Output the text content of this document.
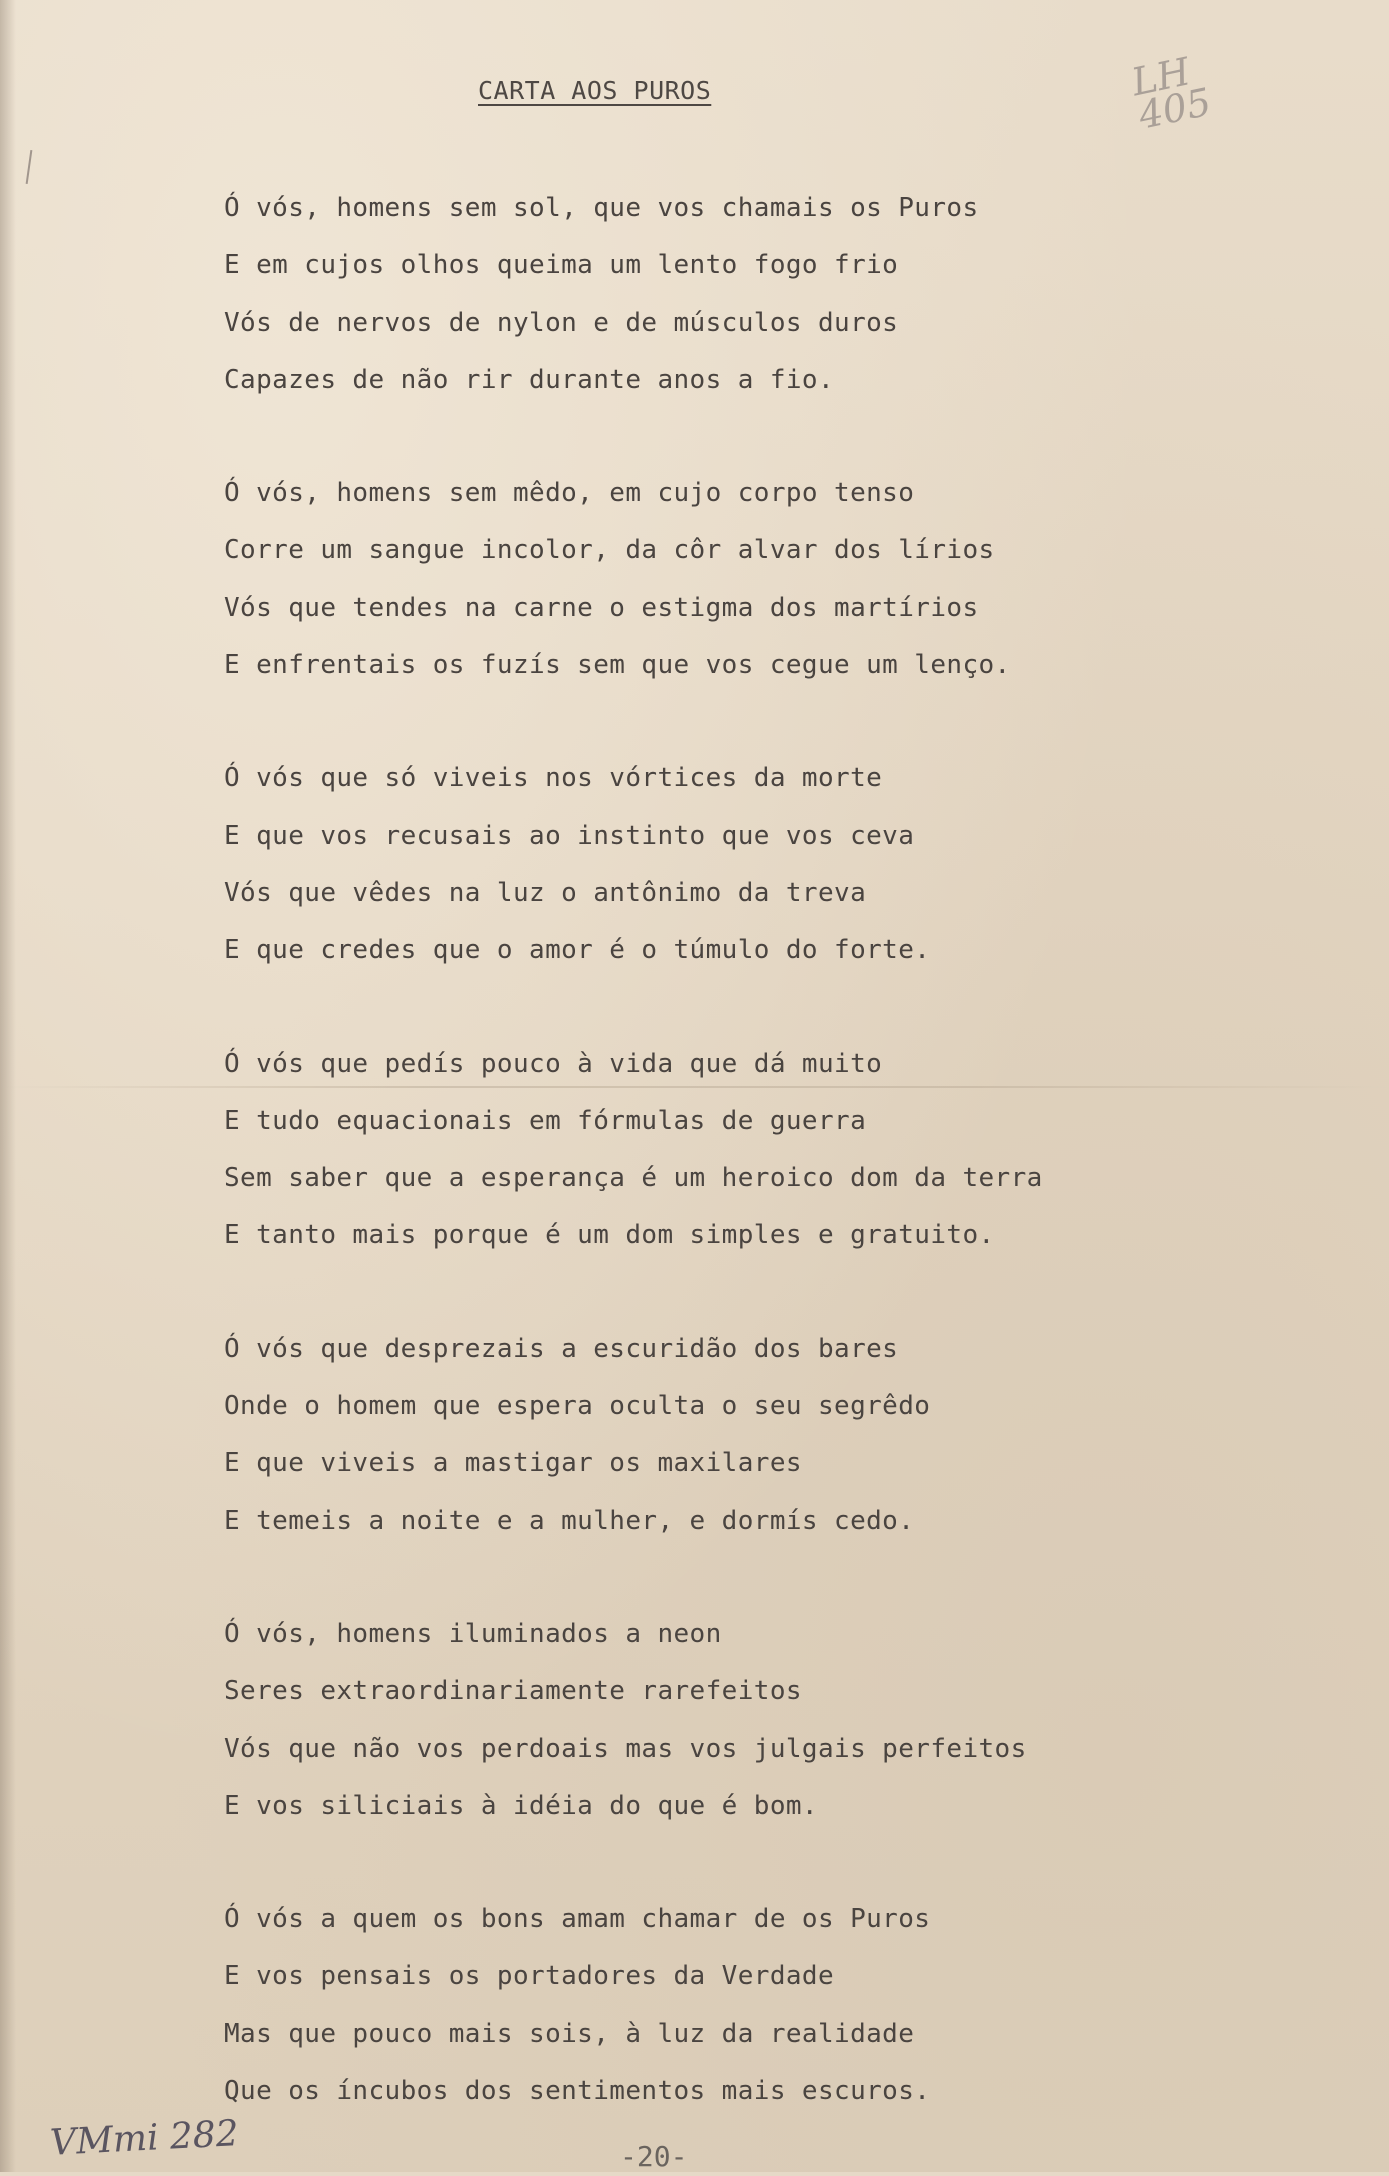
CARTA AOS PUROS	LH
405
Ó vós, homens sem sol, que vos chamais os Puros
E em cujos olhos queima um lento fogo frio
Vós de nervos de nylon e de músculos duros
Capazes de não rir durante anos a fio.
Ó vós, homens sem mêdo, em cujo corpo tenso
Corre um sangue incolor, da côr alvar dos lírios
Vós que tendes na carne o estigma dos martírios
E enfrentais os fuzís sem que vos cegue um lenço.
Ó vós que só viveis nos vórtices da morte
E que vos recusais ao instinto que vos ceva
Vós que vêdes na luz o antônimo da treva
E que credes que o amor é o túmulo do forte.
Ó vós que pedís pouco à vida que dá muito
E tudo equacionais em fórmulas de guerra
Sem saber que a esperança é um heroico dom da terra
E tanto mais porque é um dom simples e gratuito.
Ó vós que desprezais a escuridão dos bares
Onde o homem que espera oculta o seu segrêdo
E que viveis a mastigar os maxilares
E temeis a noite e a mulher, e dormís cedo.
Ó vós, homens iluminados a neon
Seres extraordinariamente rarefeitos
Vós que não vos perdoais mas vos julgais perfeitos
E vos siliciais à idéia do que é bom.
Ó vós a quem os bons amam chamar de os Puros
E vos pensais os portadores da Verdade
Mas que pouco mais sois, à luz da realidade
Que os íncubos dos sentimentos mais escuros.
VMmi 282	-20-
